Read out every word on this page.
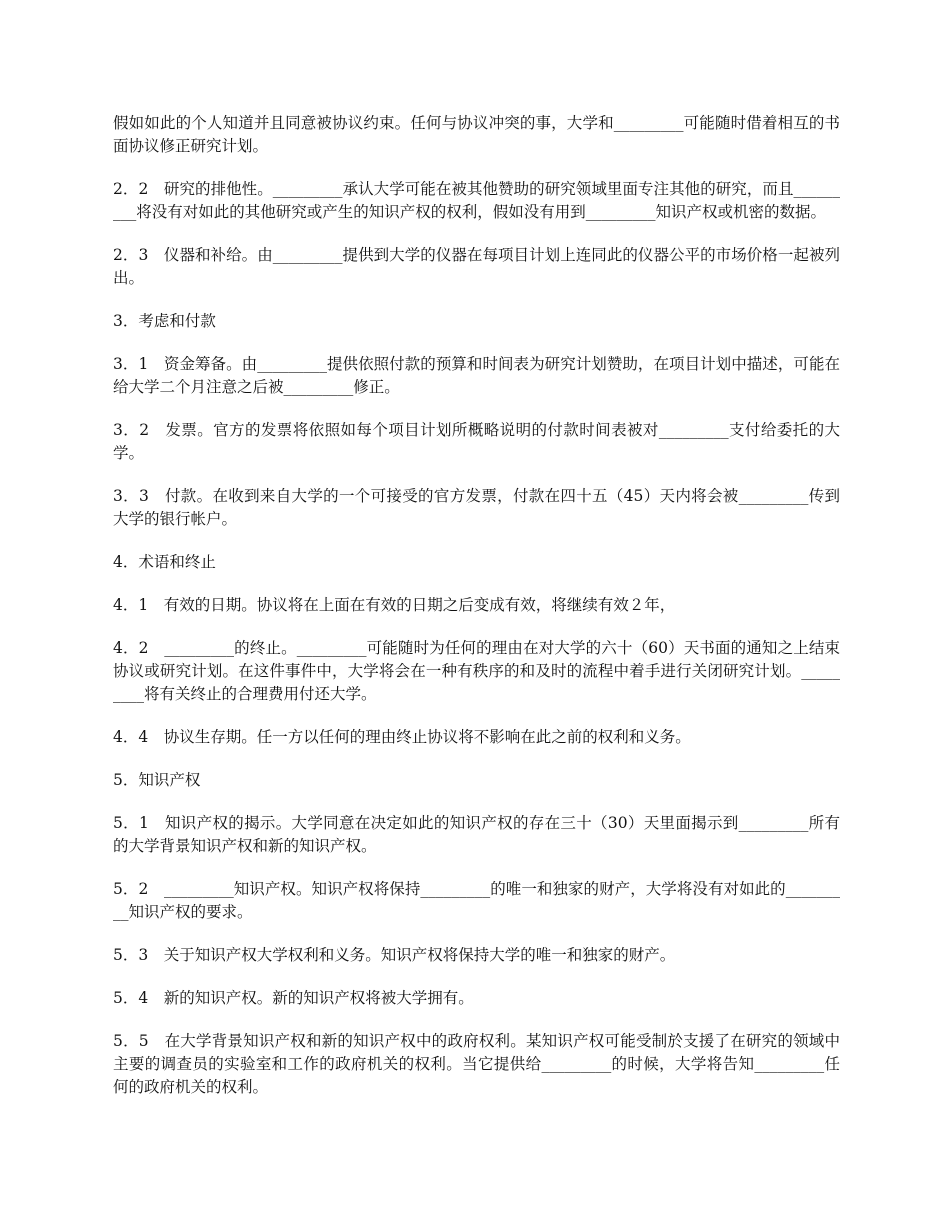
假如如此的个人知道并且同意被协议约束。任何与协议冲突的事，大学和_________可能随时借着相互的书面协议修正研究计划。

2．2　研究的排他性。_________承认大学可能在被其他赞助的研究领域里面专注其他的研究，而且_________将没有对如此的其他研究或产生的知识产权的权利，假如没有用到_________知识产权或机密的数据。

2．3　仪器和补给。由_________提供到大学的仪器在每项目计划上连同此的仪器公平的市场价格一起被列出。

3．考虑和付款

3．1　资金筹备。由_________提供依照付款的预算和时间表为研究计划赞助，在项目计划中描述，可能在给大学二个月注意之后被_________修正。

3．2　发票。官方的发票将依照如每个项目计划所概略说明的付款时间表被对_________支付给委托的大学。

3．3　付款。在收到来自大学的一个可接受的官方发票，付款在四十五（45）天内将会被_________传到大学的银行帐户。

4．术语和终止

4．1　有效的日期。协议将在上面在有效的日期之后变成有效，将继续有效２年，

4．2　_________的终止。_________可能随时为任何的理由在对大学的六十（60）天书面的通知之上结束协议或研究计划。在这件事件中，大学将会在一种有秩序的和及时的流程中着手进行关闭研究计划。_________将有关终止的合理费用付还大学。

4．4　协议生存期。任一方以任何的理由终止协议将不影响在此之前的权利和义务。

5．知识产权

5．1　知识产权的揭示。大学同意在决定如此的知识产权的存在三十（30）天里面揭示到_________所有的大学背景知识产权和新的知识产权。

5．2　_________知识产权。知识产权将保持_________的唯一和独家的财产，大学将没有对如此的_________知识产权的要求。

5．3　关于知识产权大学权利和义务。知识产权将保持大学的唯一和独家的财产。

5．4　新的知识产权。新的知识产权将被大学拥有。

5．5　在大学背景知识产权和新的知识产权中的政府权利。某知识产权可能受制於支援了在研究的领域中主要的调查员的实验室和工作的政府机关的权利。当它提供给_________的时候，大学将告知_________任何的政府机关的权利。
